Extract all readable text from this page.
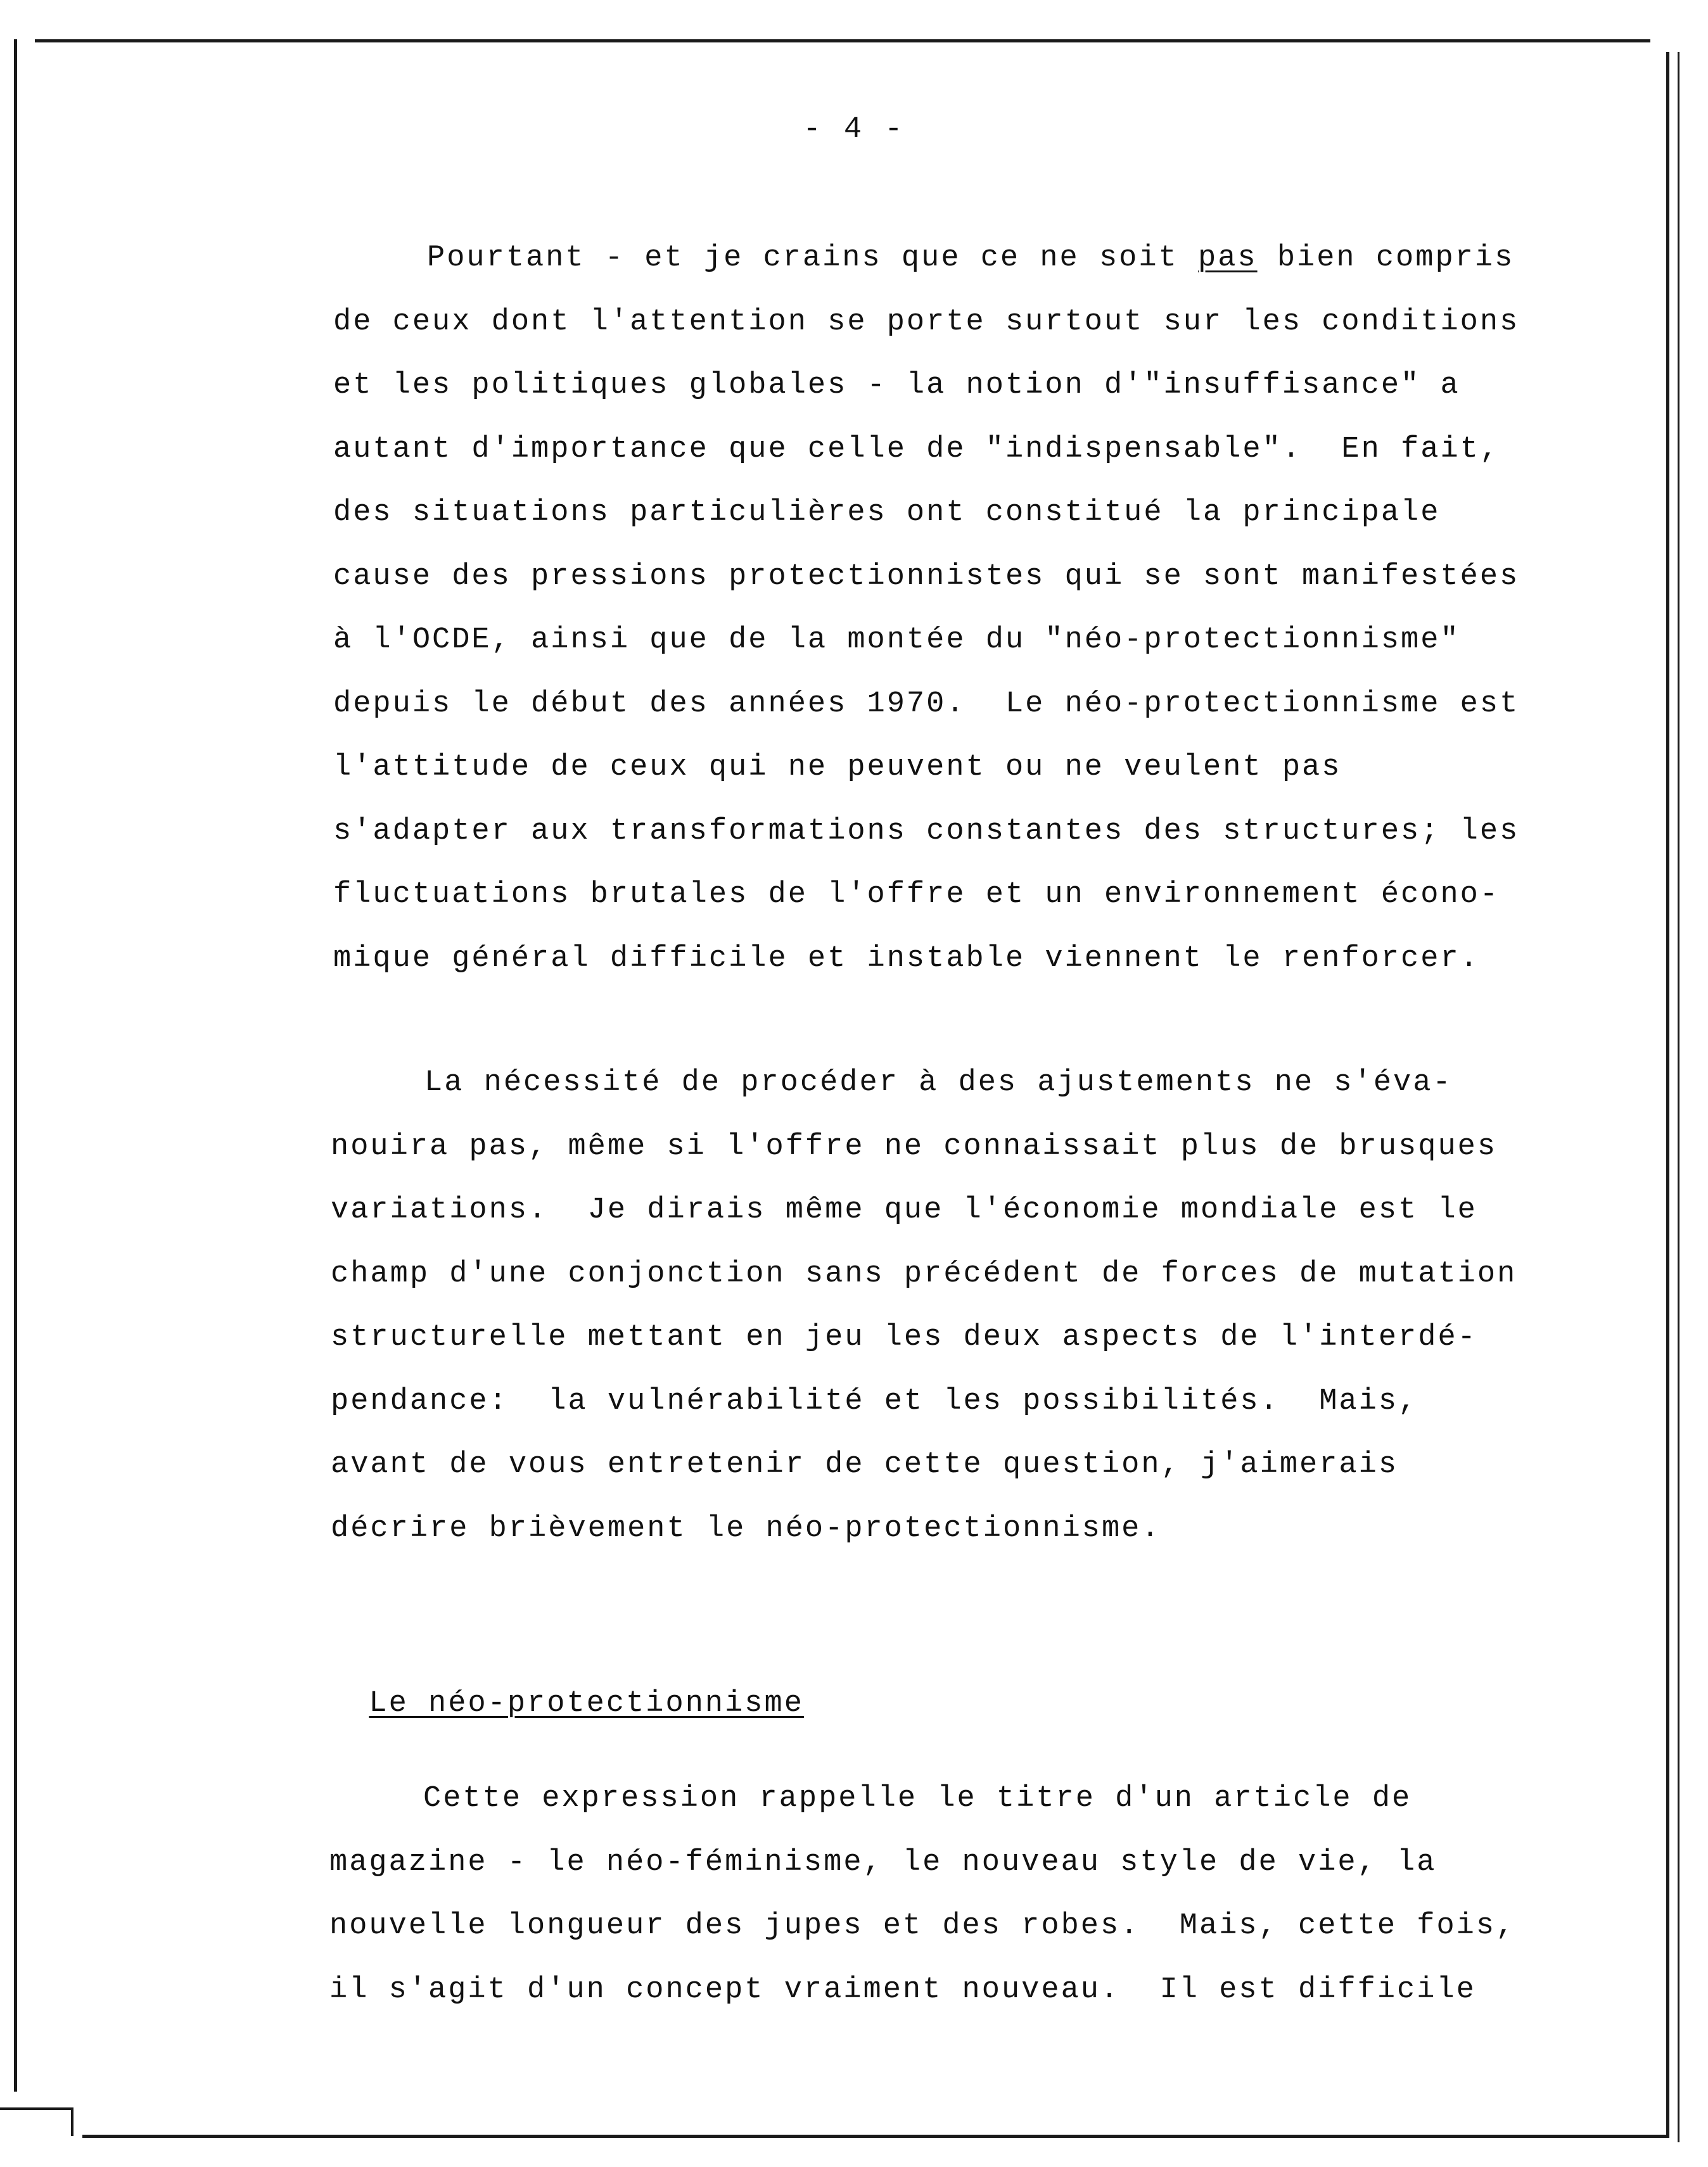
- 4 -
Pourtant - et je crains que ce ne soit pas bien compris
de ceux dont l'attention se porte surtout sur les conditions
et les politiques globales - la notion d'"insuffisance" a
autant d'importance que celle de "indispensable".  En fait,
des situations particulières ont constitué la principale
cause des pressions protectionnistes qui se sont manifestées
à l'OCDE, ainsi que de la montée du "néo-protectionnisme"
depuis le début des années 1970.  Le néo-protectionnisme est
l'attitude de ceux qui ne peuvent ou ne veulent pas
s'adapter aux transformations constantes des structures; les
fluctuations brutales de l'offre et un environnement écono-
mique général difficile et instable viennent le renforcer.
La nécessité de procéder à des ajustements ne s'éva-
nouira pas, même si l'offre ne connaissait plus de brusques
variations.  Je dirais même que l'économie mondiale est le
champ d'une conjonction sans précédent de forces de mutation
structurelle mettant en jeu les deux aspects de l'interdé-
pendance:  la vulnérabilité et les possibilités.  Mais,
avant de vous entretenir de cette question, j'aimerais
décrire brièvement le néo-protectionnisme.
Cette expression rappelle le titre d'un article de
magazine - le néo-féminisme, le nouveau style de vie, la
nouvelle longueur des jupes et des robes.  Mais, cette fois,
il s'agit d'un concept vraiment nouveau.  Il est difficile

Le néo-protectionnisme
